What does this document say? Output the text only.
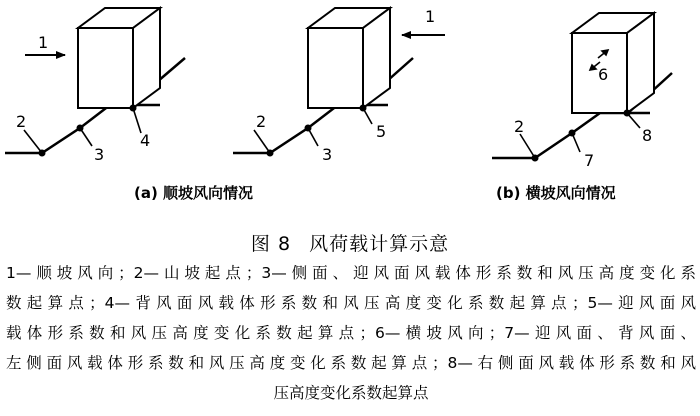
1
2
3
4
2
3
5
1
2
6
7
8
(a) 顺坡风向情况	(b) 横坡风向情况
图 8 风荷载计算示意
1—顺坡风向；2—山坡起点；3—侧面、迎风面风载体形系数和风压高度变化系
数起算点；4—背风面风载体形系数和风压高度变化系数起算点；5—迎风面风
载体形系数和风压高度变化系数起算点；6—横坡风向；7—迎风面、背风面、
左侧面风载体形系数和风压高度变化系数起算点；8—右侧面风载体形系数和风
压高度变化系数起算点
